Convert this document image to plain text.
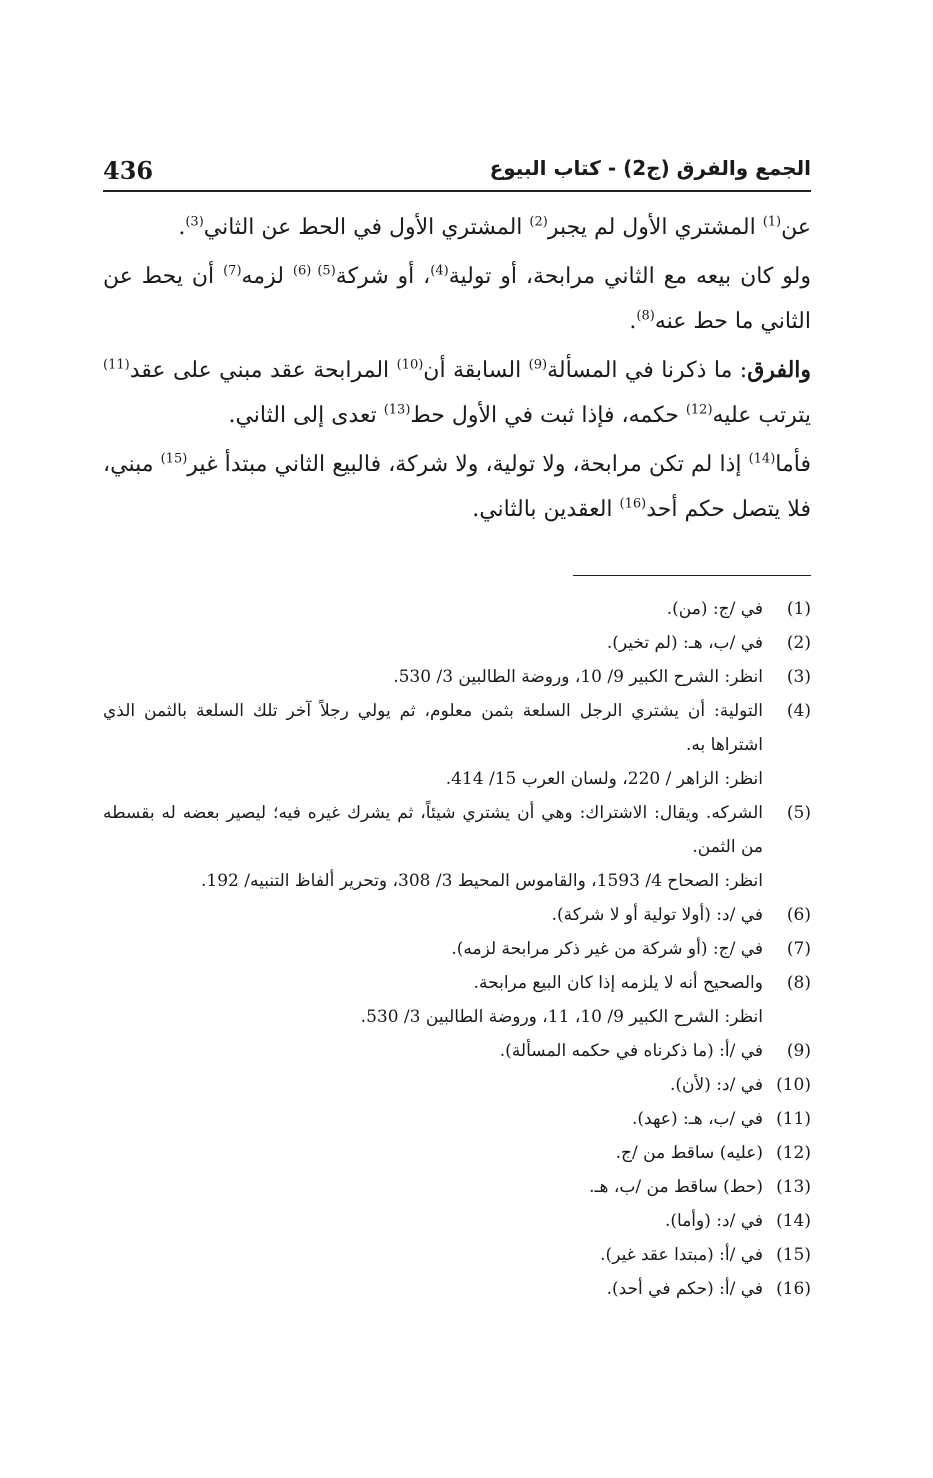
436	الجمع والفرق (ج2) - كتاب البيوع

عن$^{(1)}$ المشتري الأول لم يجبر$^{(2)}$ المشتري الأول في الحط عن الثاني$^{(3)}$.

ولو كان بيعه مع الثاني مرابحة، أو تولية$^{(4)}$، أو شركة$^{(5) (6)}$ لزمه$^{(7)}$ أن يحط عن الثاني ما حط عنه$^{(8)}$.

والفرق: ما ذكرنا في المسألة$^{(9)}$ السابقة أن$^{(10)}$ المرابحة عقد مبني على عقد$^{(11)}$ يترتب عليه$^{(12)}$ حكمه، فإذا ثبت في الأول حط$^{(13)}$ تعدى إلى الثاني.

فأما$^{(14)}$ إذا لم تكن مرابحة، ولا تولية، ولا شركة، فالبيع الثاني مبتدأ غير$^{(15)}$ مبني، فلا يتصل حكم أحد$^{(16)}$ العقدين بالثاني.

(1)
في /ج: (من).
(2)
في /ب، هـ: (لم تخير).
(3)
انظر: الشرح الكبير 9/ 10، وروضة الطالبين 3/ 530.
(4)
التولية: أن يشتري الرجل السلعة بثمن معلوم، ثم يولي رجلاً آخر تلك السلعة بالثمن الذي اشتراها به.
انظر: الزاهر / 220، ولسان العرب 15/ 414.
(5)
الشركه. ويقال: الاشتراك: وهي أن يشتري شيئاً، ثم يشرك غيره فيه؛ ليصير بعضه له بقسطه من الثمن.
انظر: الصحاح 4/ 1593، والقاموس المحيط 3/ 308، وتحرير ألفاظ التنبيه/ 192.
(6)
في /د: (أولا تولية أو لا شركة).
(7)
في /ج: (أو شركة من غير ذكر مرابحة لزمه).
(8)
والصحيح أنه لا يلزمه إذا كان البيع مرابحة.
انظر: الشرح الكبير 9/ 10، 11، وروضة الطالبين 3/ 530.
(9)
في /أ: (ما ذكرناه في حكمه المسألة).
(10)
في /د: (لأن).
(11)
في /ب، هـ: (عهد).
(12)
(عليه) ساقط من /ج.
(13)
(حط) ساقط من /ب، هـ.
(14)
في /د: (وأما).
(15)
في /أ: (مبتدا عقد غير).
(16)
في /أ: (حكم في أحد).
